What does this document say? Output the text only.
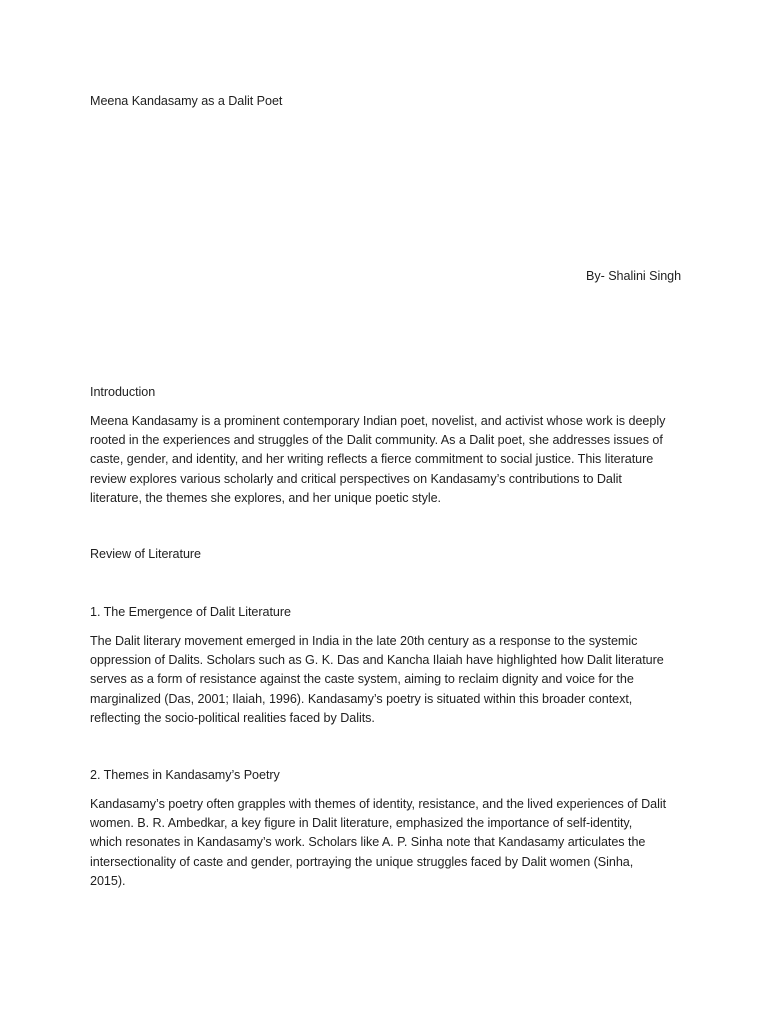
Meena Kandasamy as a Dalit Poet
By- Shalini Singh
Introduction
Meena Kandasamy is a prominent contemporary Indian poet, novelist, and activist whose work is deeply
rooted in the experiences and struggles of the Dalit community. As a Dalit poet, she addresses issues of
caste, gender, and identity, and her writing reflects a fierce commitment to social justice. This literature
review explores various scholarly and critical perspectives on Kandasamy’s contributions to Dalit
literature, the themes she explores, and her unique poetic style.
Review of Literature
1. The Emergence of Dalit Literature
The Dalit literary movement emerged in India in the late 20th century as a response to the systemic
oppression of Dalits. Scholars such as G. K. Das and Kancha Ilaiah have highlighted how Dalit literature
serves as a form of resistance against the caste system, aiming to reclaim dignity and voice for the
marginalized (Das, 2001; Ilaiah, 1996). Kandasamy’s poetry is situated within this broader context,
reflecting the socio-political realities faced by Dalits.
2. Themes in Kandasamy’s Poetry
Kandasamy’s poetry often grapples with themes of identity, resistance, and the lived experiences of Dalit
women. B. R. Ambedkar, a key figure in Dalit literature, emphasized the importance of self-identity,
which resonates in Kandasamy’s work. Scholars like A. P. Sinha note that Kandasamy articulates the
intersectionality of caste and gender, portraying the unique struggles faced by Dalit women (Sinha,
2015).
